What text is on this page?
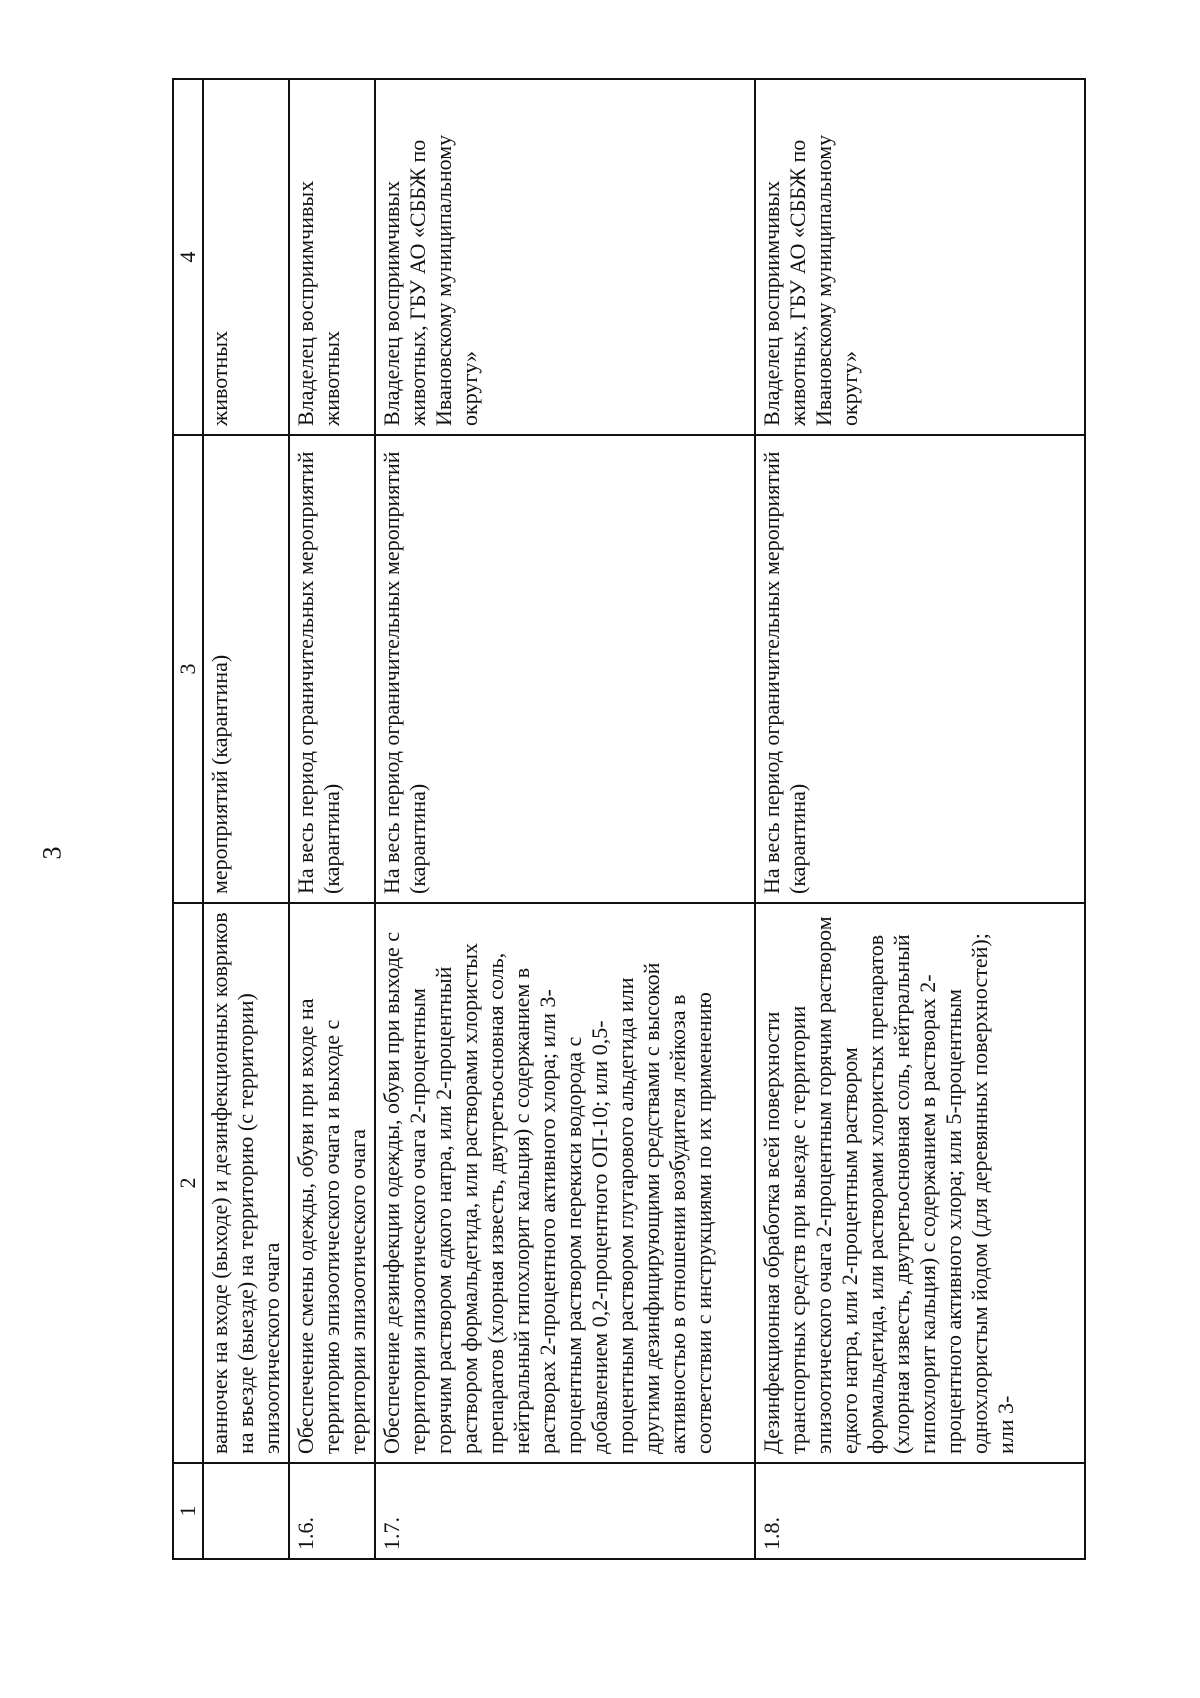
3
1	2	3	4
	ванночек на входе (выходе) и дезинфекционных ковриков на въезде (выезде) на территорию (с территории) эпизоотического очага	мероприятий (карантина)	животных
1.6.	Обеспечение смены одежды, обуви при входе на территорию эпизоотического очага и выходе с территории эпизоотического очага	На весь период ограничительных мероприятий (карантина)	Владелец восприимчивых животных
1.7.	Обеспечение дезинфекции одежды, обуви при выходе с территории эпизоотического очага 2-процентным горячим раствором едкого натра, или 2-процентный раствором формальдегида, или растворами хлористых препаратов (хлорная известь, двутретьосновная соль, нейтральный гипохлорит кальция) с содержанием в растворах 2-процентного активного хлора; или 3-процентным раствором перекиси водорода с добавлением 0,2-процентного ОП-10; или 0,5-процентным раствором глутарового альдегида или другими дезинфицирующими средствами с высокой активностью в отношении возбудителя лейкоза в соответствии с инструкциями по их применению	На весь период ограничительных мероприятий (карантина)	Владелец восприимчивых животных, ГБУ АО «СББЖ по Ивановскому муниципальному округу»
1.8.	Дезинфекционная обработка всей поверхности транспортных средств при выезде с территории эпизоотического очага 2-процентным горячим раствором едкого натра, или 2-процентным раствором формальдегида, или растворами хлористых препаратов (хлорная известь, двутретьосновная соль, нейтральный гипохлорит кальция) с содержанием в растворах 2-процентного активного хлора; или 5-процентным однохлористым йодом (для деревянных поверхностей); или 3-	На весь период ограничительных мероприятий (карантина)	Владелец восприимчивых животных, ГБУ АО «СББЖ по Ивановскому муниципальному округу»
